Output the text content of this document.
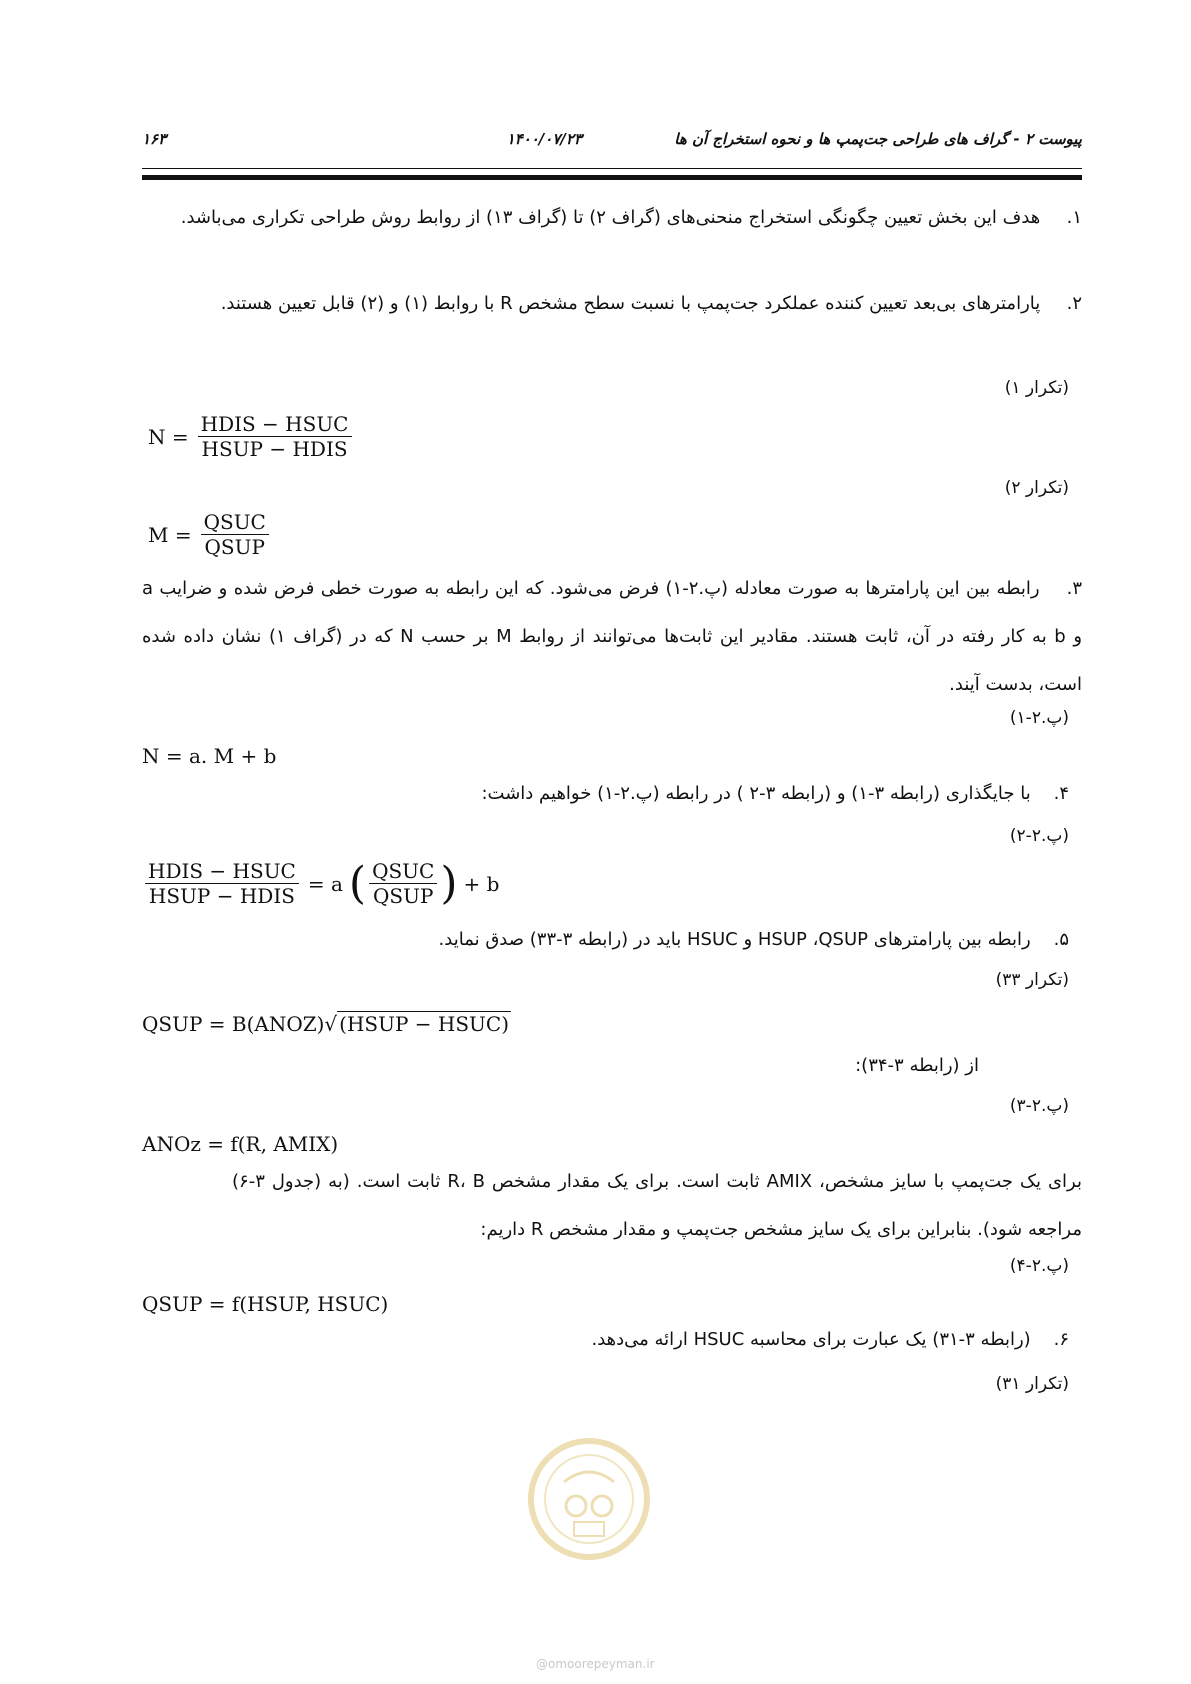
پیوست ۲ - گراف های طراحی جت‌پمپ ها و نحوه استخراج آن ها
۱۴۰۰/۰۷/۲۳
۱۶۳
۱. هدف این بخش تعیین چگونگی استخراج منحنی‌های (گراف ۲) تا (گراف ۱۳) از روابط روش طراحی تکراری می‌باشد.
۲. پارامترهای بی‌بعد تعیین کننده عملکرد جت‌پمپ با نسبت سطح مشخص R با روابط (۱) و (۲) قابل تعیین هستند.
(تکرار ۱)
$N = \frac{\text{HDIS − HSUC}}{\text{HSUP − HDIS}}$
(تکرار ۲)
$M = \frac{\text{QSUC}}{\text{QSUP}}$
۳. رابطه بین این پارامترها به صورت معادله (پ.۲-۱) فرض می‌شود. که این رابطه به صورت خطی فرض شده و ضرایب a و b به کار رفته در آن، ثابت هستند. مقادیر این ثابت‌ها می‌توانند از روابط M بر حسب N که در (گراف ۱) نشان داده شده است، بدست آیند.
(پ.۲-۱)
N = a. M + b
۴.    با جایگذاری (رابطه ۳-۱) و (رابطه ۳-۲ ) در رابطه (پ.۲-۱) خواهیم داشت:
(پ.۲-۲)
$\frac{\text{HDIS − HSUC}}{\text{HSUP − HDIS}} = a$ ( $\frac{\text{QSUC}}{\text{QSUP}}$ ) + b
۵.    رابطه بین پارامترهای HSUP ،QSUP و HSUC باید در (رابطه ۳-۳۳) صدق نماید.
(تکرار ۳۳)
QSUP = B(ANOZ)√ (HSUP − HSUC)
از (رابطه ۳-۳۴):
(پ.۲-۳)
ANOz = f(R, AMIX)
برای یک جت‌پمپ با سایز مشخص، AMIX ثابت است. برای یک مقدار مشخص R، B ثابت است. (به (جدول ۳-۶) مراجعه شود). بنابراین برای یک سایز مشخص جت‌پمپ و مقدار مشخص R داریم:
(پ.۲-۴)
QSUP = f(HSUP, HSUC)
۶.    (رابطه ۳-۳۱) یک عبارت برای محاسبه HSUC ارائه می‌دهد.
(تکرار ۳۱)
@omoorepeyman.ir
